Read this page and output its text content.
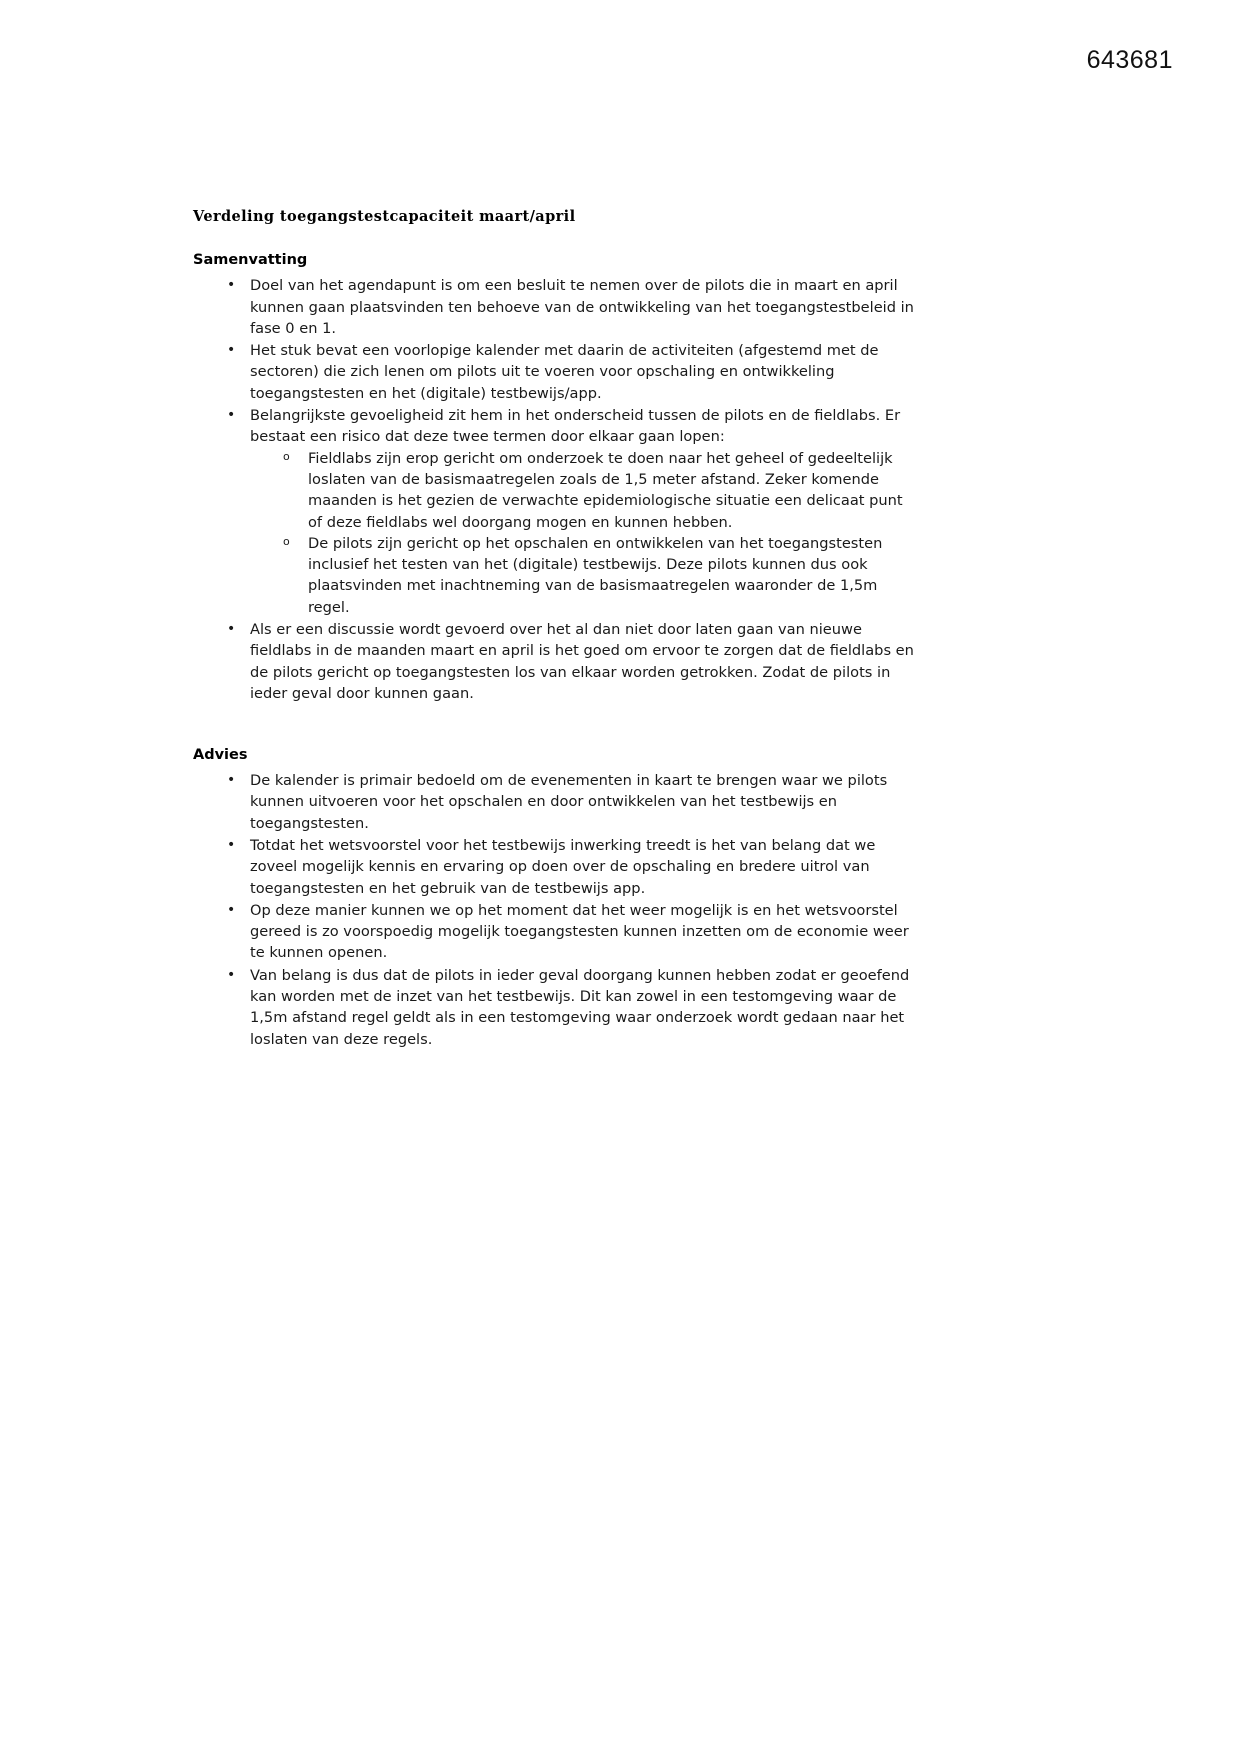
643681
Verdeling toegangstestcapaciteit maart/april
Samenvatting
• Doel van het agendapunt is om een besluit te nemen over de pilots die in maart en april kunnen gaan plaatsvinden ten behoeve van de ontwikkeling van het toegangstestbeleid in fase 0 en 1.
• Het stuk bevat een voorlopige kalender met daarin de activiteiten (afgestemd met de sectoren) die zich lenen om pilots uit te voeren voor opschaling en ontwikkeling toegangstesten en het (digitale) testbewijs/app.
• Belangrijkste gevoeligheid zit hem in het onderscheid tussen de pilots en de fieldlabs. Er bestaat een risico dat deze twee termen door elkaar gaan lopen:
o Fieldlabs zijn erop gericht om onderzoek te doen naar het geheel of gedeeltelijk loslaten van de basismaatregelen zoals de 1,5 meter afstand. Zeker komende maanden is het gezien de verwachte epidemiologische situatie een delicaat punt of deze fieldlabs wel doorgang mogen en kunnen hebben.
o De pilots zijn gericht op het opschalen en ontwikkelen van het toegangstesten inclusief het testen van het (digitale) testbewijs. Deze pilots kunnen dus ook plaatsvinden met inachtneming van de basismaatregelen waaronder de 1,5m regel.
• Als er een discussie wordt gevoerd over het al dan niet door laten gaan van nieuwe fieldlabs in de maanden maart en april is het goed om ervoor te zorgen dat de fieldlabs en de pilots gericht op toegangstesten los van elkaar worden getrokken. Zodat de pilots in ieder geval door kunnen gaan.
Advies
• De kalender is primair bedoeld om de evenementen in kaart te brengen waar we pilots kunnen uitvoeren voor het opschalen en door ontwikkelen van het testbewijs en toegangstesten.
• Totdat het wetsvoorstel voor het testbewijs inwerking treedt is het van belang dat we zoveel mogelijk kennis en ervaring op doen over de opschaling en bredere uitrol van toegangstesten en het gebruik van de testbewijs app.
• Op deze manier kunnen we op het moment dat het weer mogelijk is en het wetsvoorstel gereed is zo voorspoedig mogelijk toegangstesten kunnen inzetten om de economie weer te kunnen openen.
• Van belang is dus dat de pilots in ieder geval doorgang kunnen hebben zodat er geoefend kan worden met de inzet van het testbewijs. Dit kan zowel in een testomgeving waar de 1,5m afstand regel geldt als in een testomgeving waar onderzoek wordt gedaan naar het loslaten van deze regels.
